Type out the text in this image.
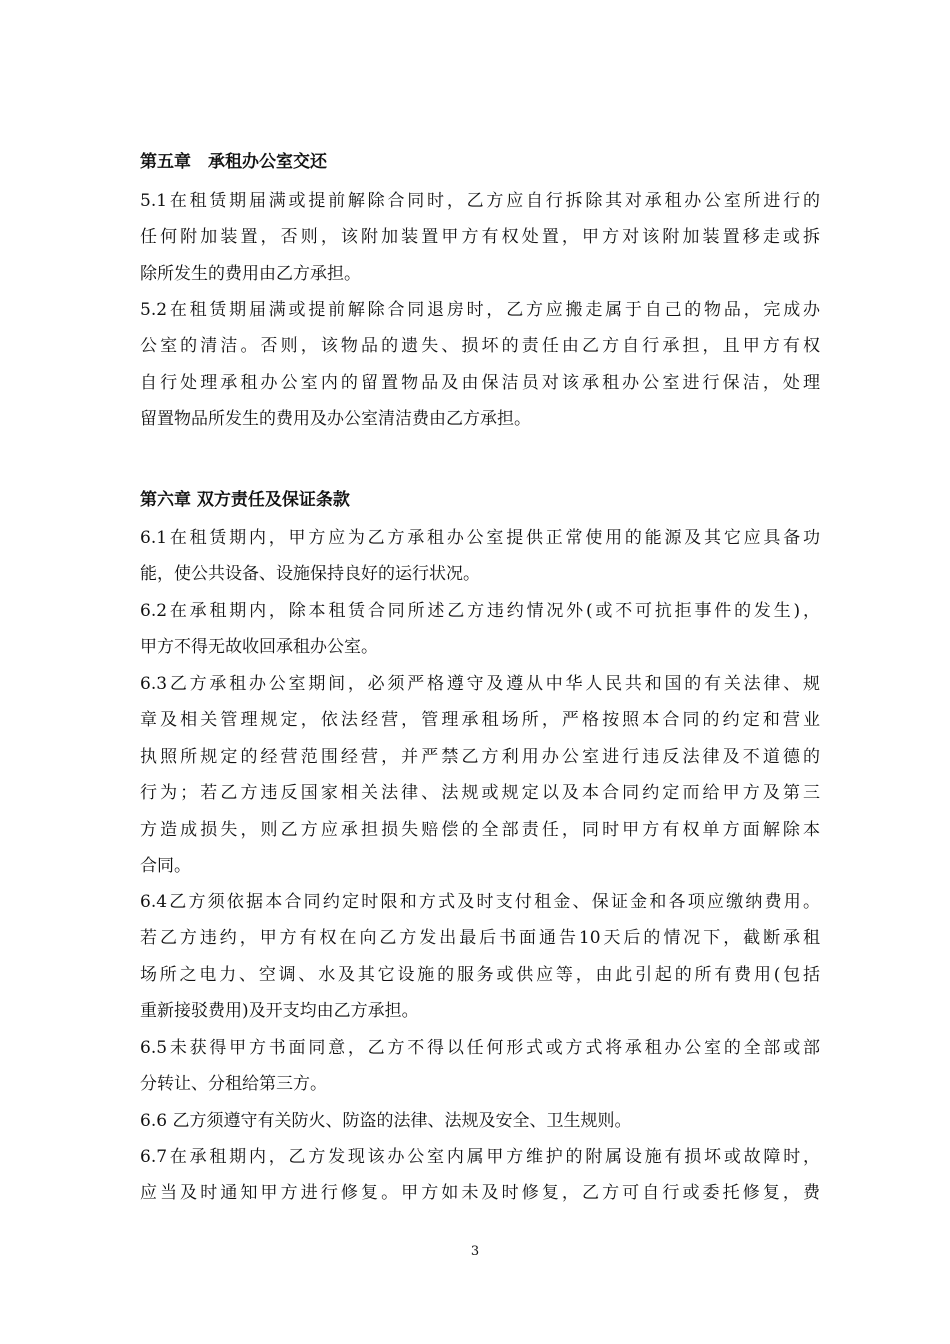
第五章　承租办公室交还
5.1在租赁期届满或提前解除合同时，乙方应自行拆除其对承租办公室所进行的
任何附加装置，否则，该附加装置甲方有权处置，甲方对该附加装置移走或拆
除所发生的费用由乙方承担。
5.2在租赁期届满或提前解除合同退房时，乙方应搬走属于自己的物品，完成办
公室的清洁。否则，该物品的遗失、损坏的责任由乙方自行承担，且甲方有权
自行处理承租办公室内的留置物品及由保洁员对该承租办公室进行保洁，处理
留置物品所发生的费用及办公室清洁费由乙方承担。
第六章 双方责任及保证条款
6.1在租赁期内，甲方应为乙方承租办公室提供正常使用的能源及其它应具备功
能，使公共设备、设施保持良好的运行状况。
6.2在承租期内，除本租赁合同所述乙方违约情况外(或不可抗拒事件的发生)，
甲方不得无故收回承租办公室。
6.3乙方承租办公室期间，必须严格遵守及遵从中华人民共和国的有关法律、规
章及相关管理规定，依法经营，管理承租场所，严格按照本合同的约定和营业
执照所规定的经营范围经营，并严禁乙方利用办公室进行违反法律及不道德的
行为；若乙方违反国家相关法律、法规或规定以及本合同约定而给甲方及第三
方造成损失，则乙方应承担损失赔偿的全部责任，同时甲方有权单方面解除本
合同。
6.4乙方须依据本合同约定时限和方式及时支付租金、保证金和各项应缴纳费用。
若乙方违约，甲方有权在向乙方发出最后书面通告10天后的情况下，截断承租
场所之电力、空调、水及其它设施的服务或供应等，由此引起的所有费用(包括
重新接驳费用)及开支均由乙方承担。
6.5未获得甲方书面同意，乙方不得以任何形式或方式将承租办公室的全部或部
分转让、分租给第三方。
6.6 乙方须遵守有关防火、防盗的法律、法规及安全、卫生规则。
6.7在承租期内，乙方发现该办公室内属甲方维护的附属设施有损坏或故障时，
应当及时通知甲方进行修复。甲方如未及时修复，乙方可自行或委托修复，费
3
